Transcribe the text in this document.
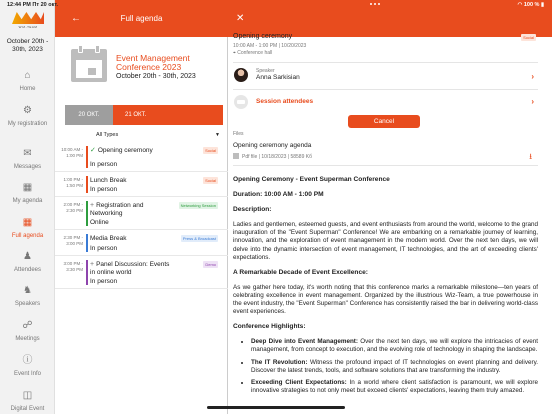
12:44 PM Пт 20 окт.	◠ 100 % ▮
WIZ-TEAM
October 20th - 30th, 2023
⌂
Home
⚙
My registration
✉
Messages
▦
My agenda
▦
Full agenda
♟
Attendees
♞
Speakers
☍
Meetings
ⓘ
Event Info
◫
Digital Event
←	Full agenda
Event Management Conference 2023
October 20th - 30th, 2023
20 ОКТ.	21 ОКТ.
All Types	▼
10:00 AM - 1:00 PM
✓ Opening ceremony
In person
Social
1:00 PM - 1:50 PM
Lunch Break
In person
Social
2:00 PM - 2:30 PM
+ Registration and Networking
Online
Networking Session
2:30 PM - 3:00 PM
Media Break
In person
Press & Broadcast
3:00 PM - 3:30 PM
+ Panel Discussion: Events in online world
In person
Demo
✕
Opening ceremony
10:00 AM - 1:00 PM | 10/20/2023
⌖ Conference hall
Social
Speaker
Anna Sarkisian	›
Session attendees	›
Cancel
Files
Opening ceremony agenda
Pdf file | 10/18/2023 | 58589 Kб	⭳
Opening Ceremony - Event Superman Conference
Duration: 10:00 AM - 1:00 PM
Description:

Ladies and gentlemen, esteemed guests, and event enthusiasts from around the world, welcome to the grand inauguration of the "Event Superman" Conference! We are embarking on a remarkable journey of learning, innovation, and the exploration of event management in the modern world. Over the next ten days, we will delve into the dynamic intersection of event management, IT technologies, and the art of exceeding clients' expectations.

A Remarkable Decade of Event Excellence:

As we gather here today, it's worth noting that this conference marks a remarkable milestone—ten years of celebrating excellence in event management. Organized by the illustrious Wiz-Team, a true powerhouse in the event industry, the "Event Superman" Conference has consistently raised the bar in delivering world-class event experiences.

Conference Highlights:
• Deep Dive into Event Management: Over the next ten days, we will explore the intricacies of event management, from concept to execution, and the evolving role of technology in shaping the landscape.
• The IT Revolution: Witness the profound impact of IT technologies on event planning and delivery. Discover the latest trends, tools, and software solutions that are transforming the industry.
• Exceeding Client Expectations: In a world where client satisfaction is paramount, we will explore innovative strategies to not only meet but exceed clients' expectations, leaving them truly amazed.
